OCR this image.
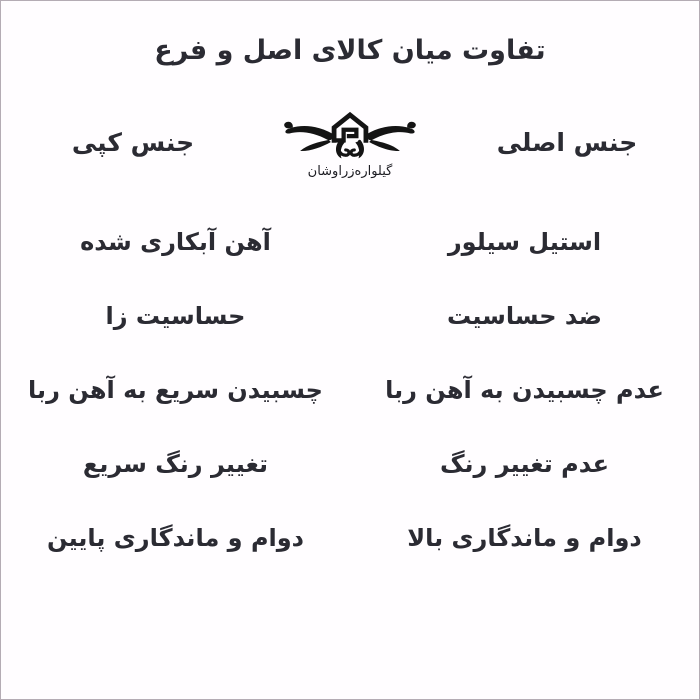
تفاوت میان کالای اصل و فرع
جنس اصلی
گیلواره‌زراوشان
جنس کپی
استیل سیلور
آهن آبکاری شده
ضد حساسیت
حساسیت زا
عدم چسبیدن به آهن ربا
چسبیدن سریع به آهن ربا
عدم تغییر رنگ
تغییر رنگ سریع
دوام و ماندگاری بالا
دوام و ماندگاری پایین
